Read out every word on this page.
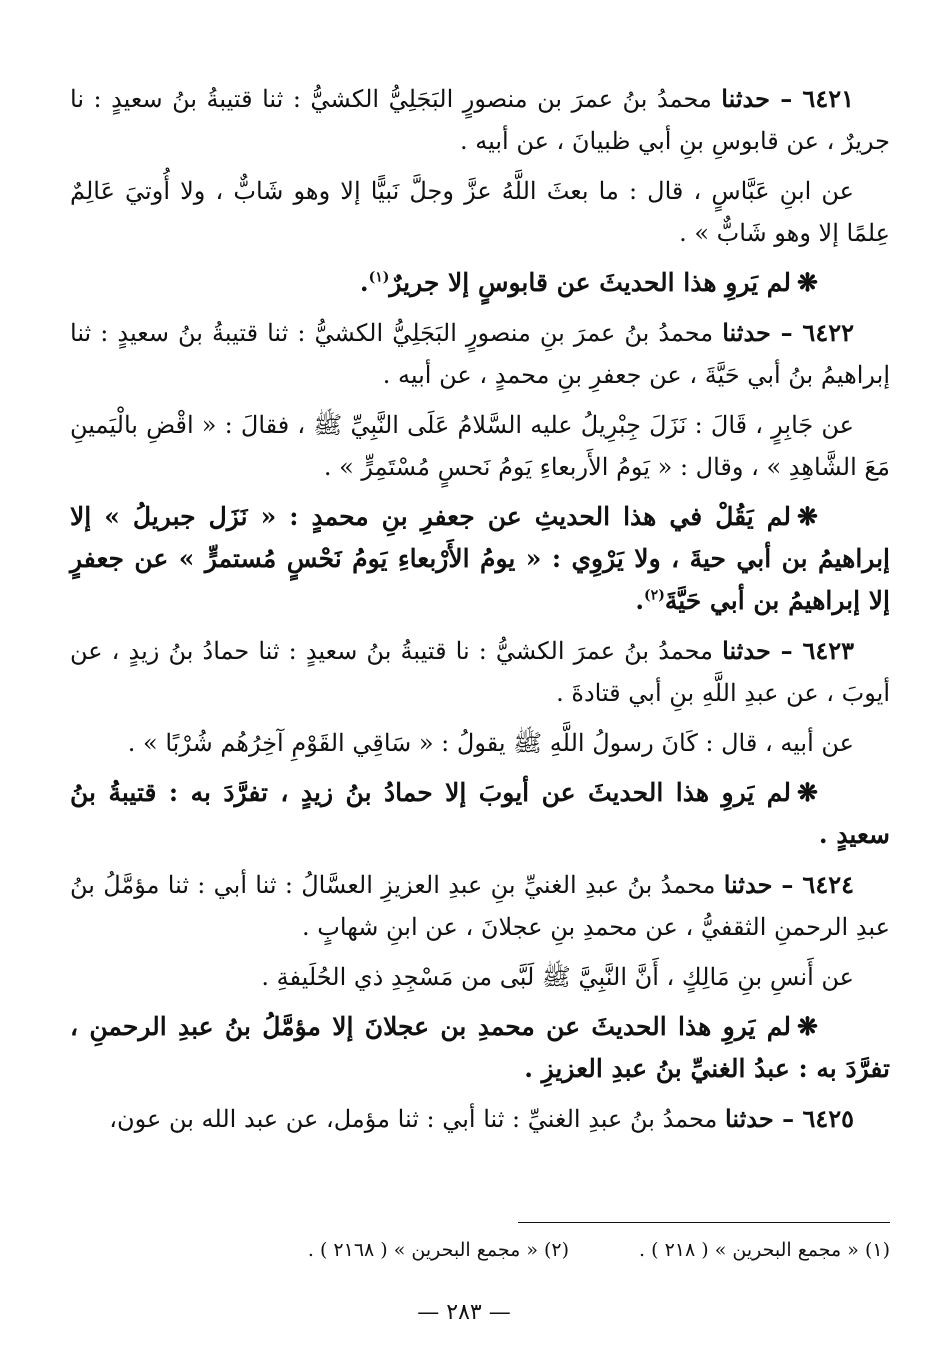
٦٤٢١ – حدثنا محمدُ بنُ عمرَ بن منصورٍ البَجَلِيُّ الكشيُّ : ثنا قتيبةُ بنُ سعيدٍ : نا جريرٌ ، عن قابوسِ بنِ أبي ظبيانَ ، عن أبيه .

عن ابنِ عَبَّاسٍ ، قال : ما بعثَ اللَّهُ عزَّ وجلَّ نَبيًّا إلا وهو شَابٌّ ، ولا أُوتيَ عَالِمٌ عِلمًا إلا وهو شَابٌّ » .

❋لم يَروِ هذا الحديثَ عن قابوسٍ إلا جريرٌ$^{(١)}$.

٦٤٢٢ – حدثنا محمدُ بنُ عمرَ بنِ منصورٍ البَجَلِيُّ الكشيُّ : ثنا قتيبةُ بنُ سعيدٍ : ثنا إبراهيمُ بنُ أبي حَيَّةَ ، عن جعفرِ بنِ محمدٍ ، عن أبيه .

عن جَابِرٍ ، قَالَ : نَزَلَ جِبْرِيلُ عليه السَّلامُ عَلَى النَّبِيِّ ﷺ ، فقالَ : « اقْضِ بالْيَمينِ مَعَ الشَّاهِدِ » ، وقال : « يَومُ الأَربعاءِ يَومُ نَحسٍ مُسْتَمِرٍّ » .

❋لم يَقُلْ في هذا الحديثِ عن جعفرِ بنِ محمدٍ : « نَزَل جبريلُ » إلا إبراهيمُ بن أبي حيةَ ، ولا يَرْوِي : « يومُ الأَرْبعاءِ يَومُ نَحْسٍ مُستمرٍّ » عن جعفرٍ إلا إبراهيمُ بن أبي حَيَّةَ$^{(٢)}$.

٦٤٢٣ – حدثنا محمدُ بنُ عمرَ الكشيُّ : نا قتيبةُ بنُ سعيدٍ : ثنا حمادُ بنُ زيدٍ ، عن أيوبَ ، عن عبدِ اللَّهِ بنِ أبي قتادةَ .

عن أبيه ، قال : كَانَ رسولُ اللَّهِ ﷺ يقولُ : « سَاقِي القَوْمِ آخِرُهُم شُرْبًا » .

❋لم يَروِ هذا الحديثَ عن أيوبَ إلا حمادُ بنُ زيدٍ ، تفرَّدَ به : قتيبةُ بنُ سعيدٍ .

٦٤٢٤ – حدثنا محمدُ بنُ عبدِ الغنيِّ بنِ عبدِ العزيزِ العسَّالُ : ثنا أبي : ثنا مؤمَّلُ بنُ عبدِ الرحمنِ الثقفيُّ ، عن محمدِ بنِ عجلانَ ، عن ابنِ شهابٍ .

عن أَنسِ بنِ مَالِكٍ ، أَنَّ النَّبِيَّ ﷺ لَبَّى من مَسْجِدِ ذي الحُلَيفةِ .

❋لم يَروِ هذا الحديثَ عن محمدِ بن عجلانَ إلا مؤمَّلُ بنُ عبدِ الرحمنِ ، تفرَّدَ به : عبدُ الغنيِّ بنُ عبدِ العزيزِ .

٦٤٢٥ – حدثنا محمدُ بنُ عبدِ الغنيِّ : ثنا أبي : ثنا مؤمل، عن عبد الله بن عون،

(١) « مجمع البحرين » ( ٢١٨ ) .
(٢) « مجمع البحرين » ( ٢١٦٨ ) .
— ٢٨٣ —
